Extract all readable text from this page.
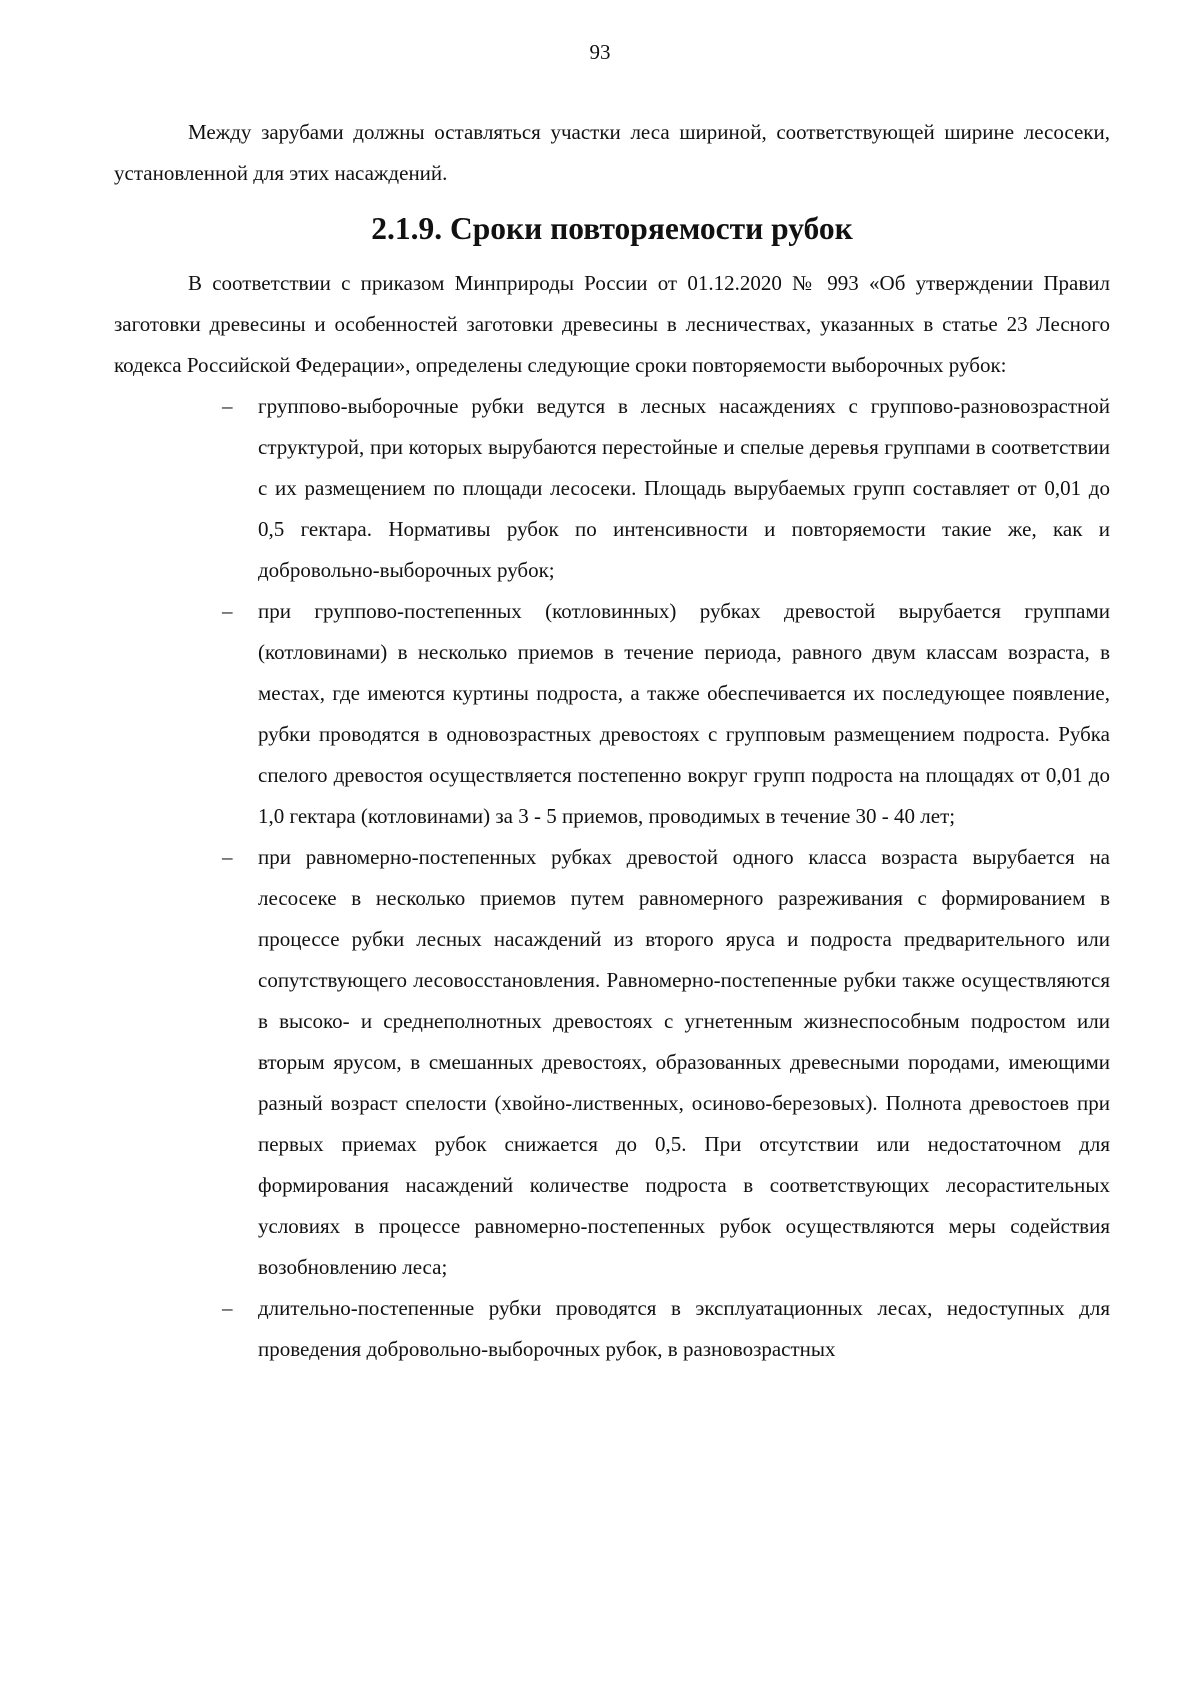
93

Между зарубами должны оставляться участки леса шириной, соответствующей ширине лесосеки, установленной для этих насаждений.

2.1.9. Сроки повторяемости рубок

В соответствии с приказом Минприроды России от 01.12.2020 № 993 «Об утверждении Правил заготовки древесины и особенностей заготовки древесины в лесничествах, указанных в статье 23 Лесного кодекса Российской Федерации», определены следующие сроки повторяемости выборочных рубок:

– группово-выборочные рубки ведутся в лесных насаждениях с группово-разновозрастной структурой, при которых вырубаются перестойные и спелые деревья группами в соответствии с их размещением по площади лесосеки. Площадь вырубаемых групп составляет от 0,01 до 0,5 гектара. Нормативы рубок по интенсивности и повторяемости такие же, как и добровольно-выборочных рубок;
– при группово-постепенных (котловинных) рубках древостой вырубается группами (котловинами) в несколько приемов в течение периода, равного двум классам возраста, в местах, где имеются куртины подроста, а также обеспечивается их последующее появление, рубки проводятся в одновозрастных древостоях с групповым размещением подроста. Рубка спелого древостоя осуществляется постепенно вокруг групп подроста на площадях от 0,01 до 1,0 гектара (котловинами) за 3 - 5 приемов, проводимых в течение 30 - 40 лет;
– при равномерно-постепенных рубках древостой одного класса возраста вырубается на лесосеке в несколько приемов путем равномерного разреживания с формированием в процессе рубки лесных насаждений из второго яруса и подроста предварительного или сопутствующего лесовосстановления. Равномерно-постепенные рубки также осуществляются в высоко- и среднеполнотных древостоях с угнетенным жизнеспособным подростом или вторым ярусом, в смешанных древостоях, образованных древесными породами, имеющими разный возраст спелости (хвойно-лиственных, осиново-березовых). Полнота древостоев при первых приемах рубок снижается до 0,5. При отсутствии или недостаточном для формирования насаждений количестве подроста в соответствующих лесорастительных условиях в процессе равномерно-постепенных рубок осуществляются меры содействия возобновлению леса;
– длительно-постепенные рубки проводятся в эксплуатационных лесах, недоступных для проведения добровольно-выборочных рубок, в разновозрастных
